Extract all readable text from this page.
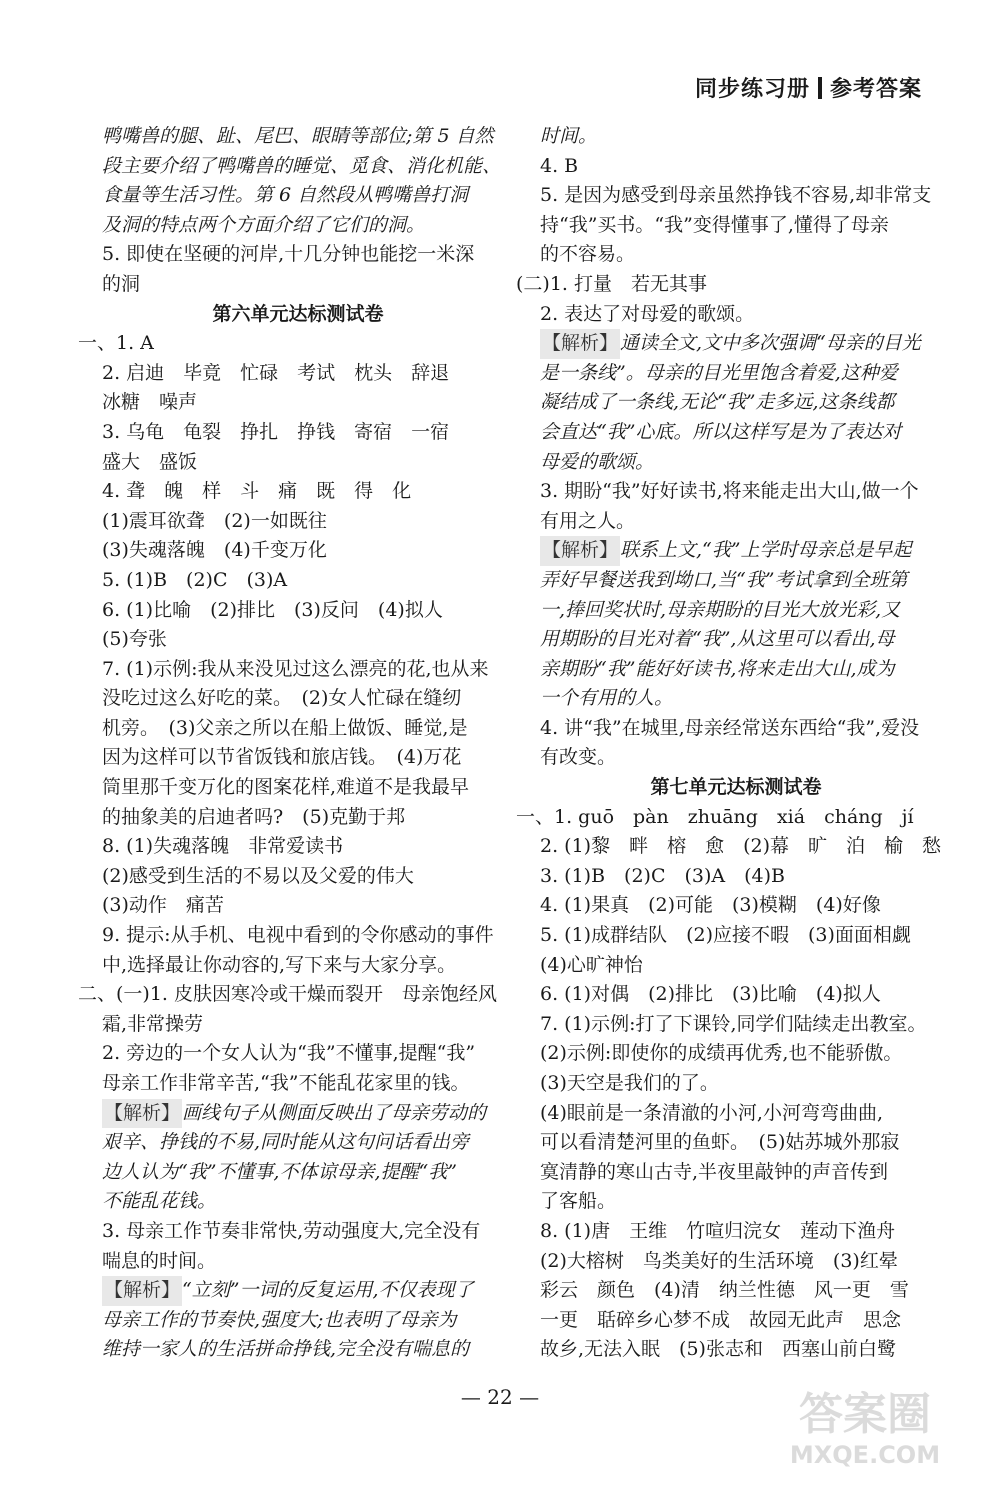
同步练习册 参考答案
鸭嘴兽的腿、趾、尾巴、眼睛等部位;第 5 自然
段主要介绍了鸭嘴兽的睡觉、觅食、消化机能、
食量等生活习性。第 6 自然段从鸭嘴兽打洞
及洞的特点两个方面介绍了它们的洞。
5. 即使在坚硬的河岸,十几分钟也能挖一米深
的洞
第六单元达标测试卷
一、1. A
2. 启迪　毕竟　忙碌　考试　枕头　辞退
冰糖　噪声
3. 乌龟　龟裂　挣扎　挣钱　寄宿　一宿
盛大　盛饭
4. 聋　魄　样　斗　痛　既　得　化
(1)震耳欲聋　(2)一如既往
(3)失魂落魄　(4)千变万化
5. (1)B　(2)C　(3)A
6. (1)比喻　(2)排比　(3)反问　(4)拟人
(5)夸张
7. (1)示例:我从来没见过这么漂亮的花,也从来
没吃过这么好吃的菜。　(2)女人忙碌在缝纫
机旁。　(3)父亲之所以在船上做饭、睡觉,是
因为这样可以节省饭钱和旅店钱。　(4)万花
筒里那千变万化的图案花样,难道不是我最早
的抽象美的启迪者吗?　(5)克勤于邦
8. (1)失魂落魄　非常爱读书
(2)感受到生活的不易以及父爱的伟大
(3)动作　痛苦
9. 提示:从手机、电视中看到的令你感动的事件
中,选择最让你动容的,写下来与大家分享。
二、(一)1. 皮肤因寒冷或干燥而裂开　母亲饱经风
霜,非常操劳
2. 旁边的一个女人认为“我”不懂事,提醒“我”
母亲工作非常辛苦,“我”不能乱花家里的钱。
【解析】 画线句子从侧面反映出了母亲劳动的
艰辛、挣钱的不易,同时能从这句问话看出旁
边人认为“我”不懂事,不体谅母亲,提醒“我”
不能乱花钱。
3. 母亲工作节奏非常快,劳动强度大,完全没有
喘息的时间。
【解析】 “立刻”一词的反复运用,不仅表现了
母亲工作的节奏快,强度大;也表明了母亲为
维持一家人的生活拼命挣钱,完全没有喘息的
时间。
4. B
5. 是因为感受到母亲虽然挣钱不容易,却非常支
持“我”买书。“我”变得懂事了,懂得了母亲
的不容易。
(二)1. 打量　若无其事
2. 表达了对母爱的歌颂。
【解析】 通读全文,文中多次强调“母亲的目光
是一条线”。母亲的目光里饱含着爱,这种爱
凝结成了一条线,无论“我”走多远,这条线都
会直达“我”心底。所以这样写是为了表达对
母爱的歌颂。
3. 期盼“我”好好读书,将来能走出大山,做一个
有用之人。
【解析】 联系上文,“我”上学时母亲总是早起
弄好早餐送我到坳口,当“我”考试拿到全班第
一,捧回奖状时,母亲期盼的目光大放光彩,又
用期盼的目光对着“我”,从这里可以看出,母
亲期盼“我”能好好读书,将来走出大山,成为
一个有用的人。
4. 讲“我”在城里,母亲经常送东西给“我”,爱没
有改变。
第七单元达标测试卷
一、1. guō　pàn　zhuāng　xiá　cháng　jí
2. (1)黎　畔　榕　愈　(2)幕　旷　泊　榆　愁
3. (1)B　(2)C　(3)A　(4)B
4. (1)果真　(2)可能　(3)模糊　(4)好像
5. (1)成群结队　(2)应接不暇　(3)面面相觑
(4)心旷神怡
6. (1)对偶　(2)排比　(3)比喻　(4)拟人
7. (1)示例:打了下课铃,同学们陆续走出教室。
(2)示例:即使你的成绩再优秀,也不能骄傲。
(3)天空是我们的了。
(4)眼前是一条清澈的小河,小河弯弯曲曲,
可以看清楚河里的鱼虾。　(5)姑苏城外那寂
寞清静的寒山古寺,半夜里敲钟的声音传到
了客船。
8. (1)唐　王维　竹喧归浣女　莲动下渔舟
(2)大榕树　鸟类美好的生活环境　(3)红晕
彩云　颜色　(4)清　纳兰性德　风一更　雪
一更　聒碎乡心梦不成　故园无此声　思念
故乡,无法入眠　(5)张志和　西塞山前白鹭
— 22 —	答案圈
MXQE.COM
